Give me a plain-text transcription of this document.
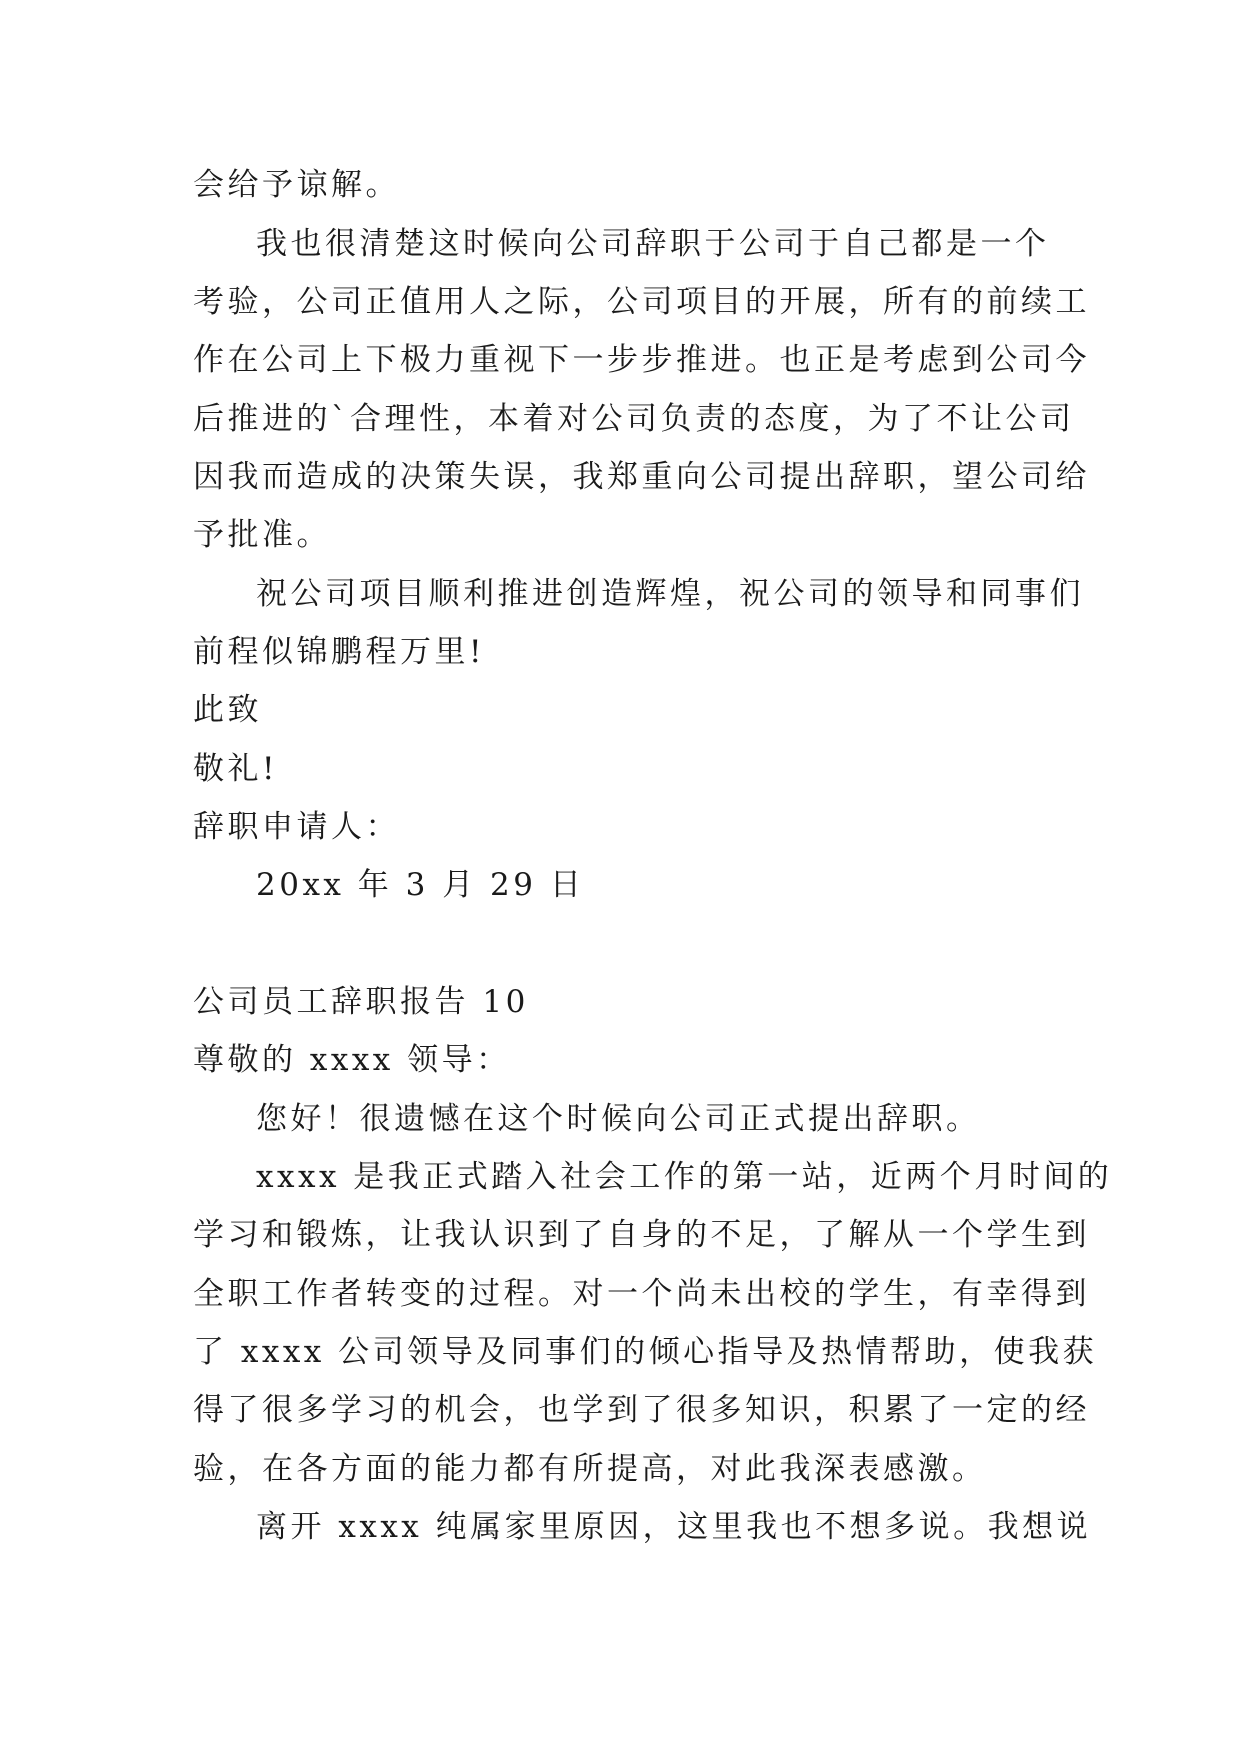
会给予谅解。
我也很清楚这时候向公司辞职于公司于自己都是一个
考验，公司正值用人之际，公司项目的开展，所有的前续工
作在公司上下极力重视下一步步推进。也正是考虑到公司今
后推进的`合理性，本着对公司负责的态度，为了不让公司
因我而造成的决策失误，我郑重向公司提出辞职，望公司给
予批准。
祝公司项目顺利推进创造辉煌，祝公司的领导和同事们
前程似锦鹏程万里!
此致
敬礼!
辞职申请人：
20xx 年 3 月 29 日
公司员工辞职报告 10
尊敬的 xxxx 领导：
您好！很遗憾在这个时候向公司正式提出辞职。
xxxx 是我正式踏入社会工作的第一站，近两个月时间的
学习和锻炼，让我认识到了自身的不足，了解从一个学生到
全职工作者转变的过程。对一个尚未出校的学生，有幸得到
了 xxxx 公司领导及同事们的倾心指导及热情帮助，使我获
得了很多学习的机会，也学到了很多知识，积累了一定的经
验，在各方面的能力都有所提高，对此我深表感激。
离开 xxxx 纯属家里原因，这里我也不想多说。我想说
